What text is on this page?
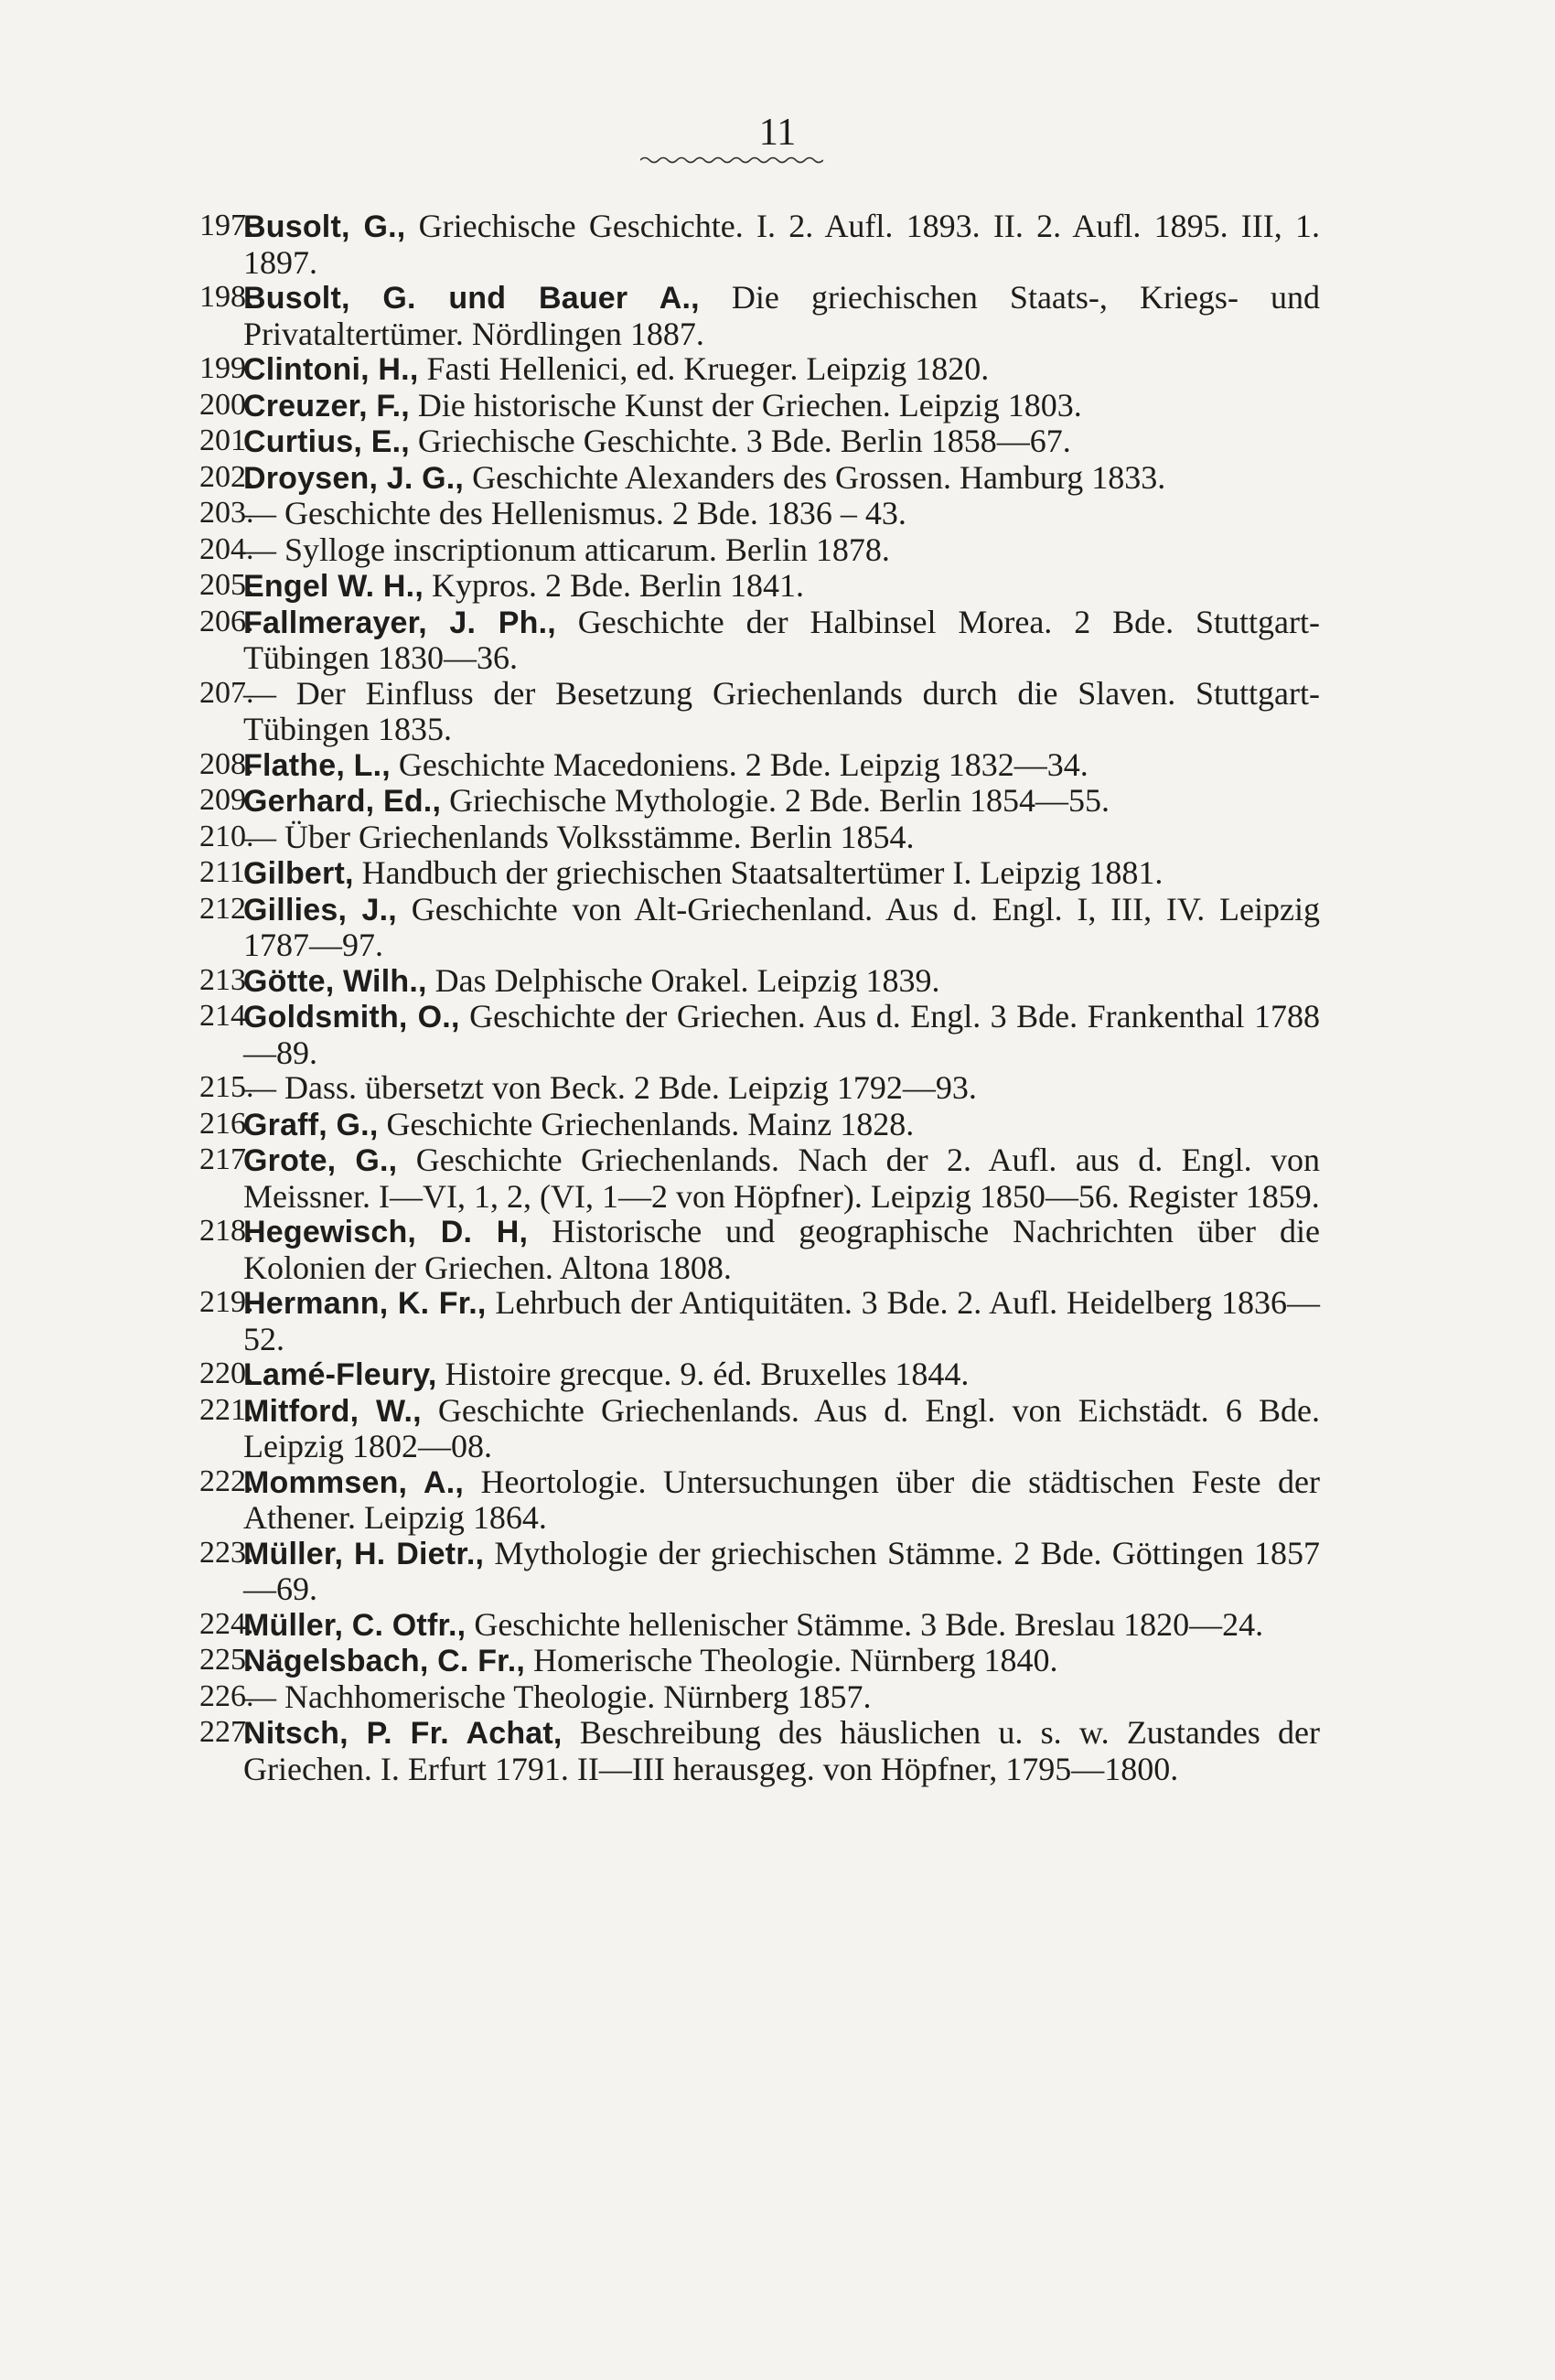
11
197.
Busolt, G., Griechische Geschichte. I. 2. Aufl. 1893. II. 2. Aufl. 1895. III, 1. 1897.
198.
Busolt, G. und Bauer A., Die griechischen Staats-, Kriegs- und Privataltertümer. Nördlingen 1887.
199.
Clintoni, H., Fasti Hellenici, ed. Krueger. Leipzig 1820.
200.
Creuzer, F., Die historische Kunst der Griechen. Leipzig 1803.
201.
Curtius, E., Griechische Geschichte. 3 Bde. Berlin 1858—67.
202.
Droysen, J. G., Geschichte Alexanders des Grossen. Hamburg 1833.
203.
— Geschichte des Hellenismus. 2 Bde. 1836 – 43.
204.
— Sylloge inscriptionum atticarum. Berlin 1878.
205.
Engel W. H., Kypros. 2 Bde. Berlin 1841.
206.
Fallmerayer, J. Ph., Geschichte der Halbinsel Morea. 2 Bde. Stuttgart-Tübingen 1830—36.
207.
— Der Einfluss der Besetzung Griechenlands durch die Slaven. Stuttgart-Tübingen 1835.
208.
Flathe, L., Geschichte Macedoniens. 2 Bde. Leipzig 1832—34.
209.
Gerhard, Ed., Griechische Mythologie. 2 Bde. Berlin 1854—55.
210.
— Über Griechenlands Volksstämme. Berlin 1854.
211.
Gilbert, Handbuch der griechischen Staatsaltertümer I. Leipzig 1881.
212.
Gillies, J., Geschichte von Alt-Griechenland. Aus d. Engl. I, III, IV. Leipzig 1787—97.
213.
Götte, Wilh., Das Delphische Orakel. Leipzig 1839.
214.
Goldsmith, O., Geschichte der Griechen. Aus d. Engl. 3 Bde. Frankenthal 1788—89.
215.
— Dass. übersetzt von Beck. 2 Bde. Leipzig 1792—93.
216.
Graff, G., Geschichte Griechenlands. Mainz 1828.
217.
Grote, G., Geschichte Griechenlands. Nach der 2. Aufl. aus d. Engl. von Meissner. I—VI, 1, 2, (VI, 1—2 von Höpfner). Leipzig 1850—56. Register 1859.
218.
Hegewisch, D. H, Historische und geographische Nachrichten über die Kolonien der Griechen. Altona 1808.
219.
Hermann, K. Fr., Lehrbuch der Antiquitäten. 3 Bde. 2. Aufl. Heidelberg 1836—52.
220.
Lamé-Fleury, Histoire grecque. 9. éd. Bruxelles 1844.
221.
Mitford, W., Geschichte Griechenlands. Aus d. Engl. von Eichstädt. 6 Bde. Leipzig 1802—08.
222.
Mommsen, A., Heortologie. Untersuchungen über die städtischen Feste der Athener. Leipzig 1864.
223.
Müller, H. Dietr., Mythologie der griechischen Stämme. 2 Bde. Göttingen 1857—69.
224.
Müller, C. Otfr., Geschichte hellenischer Stämme. 3 Bde. Breslau 1820—24.
225.
Nägelsbach, C. Fr., Homerische Theologie. Nürnberg 1840.
226.
— Nachhomerische Theologie. Nürnberg 1857.
227.
Nitsch, P. Fr. Achat, Beschreibung des häuslichen u. s. w. Zustandes der Griechen. I. Erfurt 1791. II—III herausgeg. von Höpfner, 1795—1800.
